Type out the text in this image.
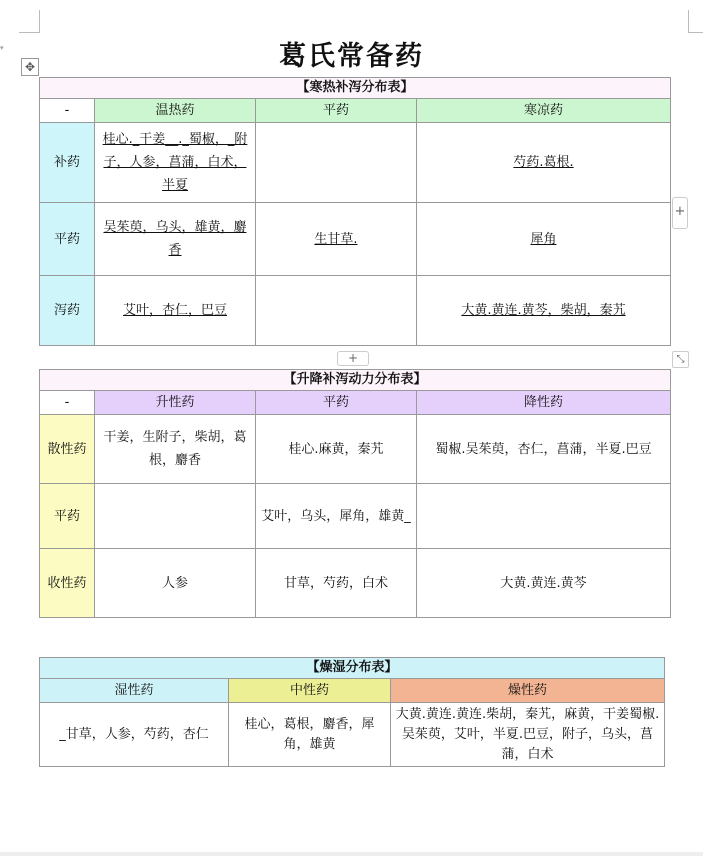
▾
✥	葛氏常备药
【寒热补泻分布表】			
-	温热药	平药	寒凉药
补药	桂心._干姜__._蜀椒，_附子，人参，菖蒲，白术，半夏		芍药.葛根.
平药	吴茱萸，乌头，雄黄，麝香	生甘草.	犀角
泻药	艾叶，杏仁，巴豆		大黄.黄连.黄芩，柴胡，秦艽
+
+	⤡
【升降补泻动力分布表】			
-	升性药	平药	降性药
散性药	干姜，生附子，柴胡，葛根，麝香	桂心.麻黄，秦艽	蜀椒.吴茱萸，杏仁，菖蒲，半夏.巴豆
平药		艾叶，乌头，犀角，雄黄_	
收性药	人参	甘草，芍药，白术	大黄.黄连.黄芩
【燥湿分布表】		
湿性药	中性药	燥性药
_甘草，人参，芍药，杏仁	桂心，葛根，麝香，犀角，雄黄	大黄.黄连.黄连.柴胡，秦艽，麻黄，干姜蜀椒.吴茱萸，艾叶，半夏.巴豆，附子，乌头，菖蒲，白术
